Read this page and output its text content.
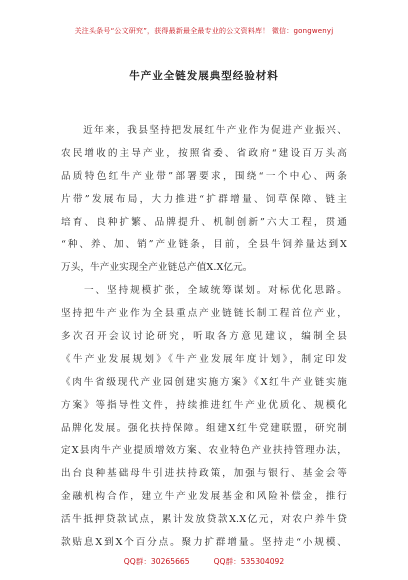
关注头条号“公文研究”，获得最新最全最专业的公文资料库！ 微信：gongwenyj
牛产业全链发展典型经验材料
　　近年来，我县坚持把发展红牛产业作为促进产业振兴、
农民增收的主导产业，按照省委、省政府“建设百万头高
品质特色红牛产业带”部署要求，围绕“一个中心、两条
片带”发展布局，大力推进“扩群增量、饲草保障、链主
培育、良种扩繁、品牌提升、机制创新”六大工程，贯通
“种、养、加、销”产业链条，目前，全县牛饲养量达到X
万头，牛产业实现全产业链总产值X.X亿元。
　　一、坚持规模扩张，全域统筹谋划。对标优化思路。
坚持把牛产业作为全县重点产业链链长制工程首位产业，
多次召开会议讨论研究，听取各方意见建议，编制全县
《牛产业发展规划》《牛产业发展年度计划》，制定印发
《肉牛省级现代产业园创建实施方案》《X红牛产业链实施
方案》等指导性文件，持续推进红牛产业优质化、规模化
品牌化发展。强化扶持保障。组建X红牛党建联盟，研究制
定X县肉牛产业提质增效方案、农业特色产业扶持管理办法，
出台良种基础母牛引进扶持政策，加强与银行、基金会等
金融机构合作，建立牛产业发展基金和风险补偿金，推行
活牛抵押贷款试点，累计发放贷款X.X亿元，对农户养牛贷
款贴息X到X个百分点。聚力扩群增量。坚持走“小规模、
QQ群：30265665	QQ群：535304092
